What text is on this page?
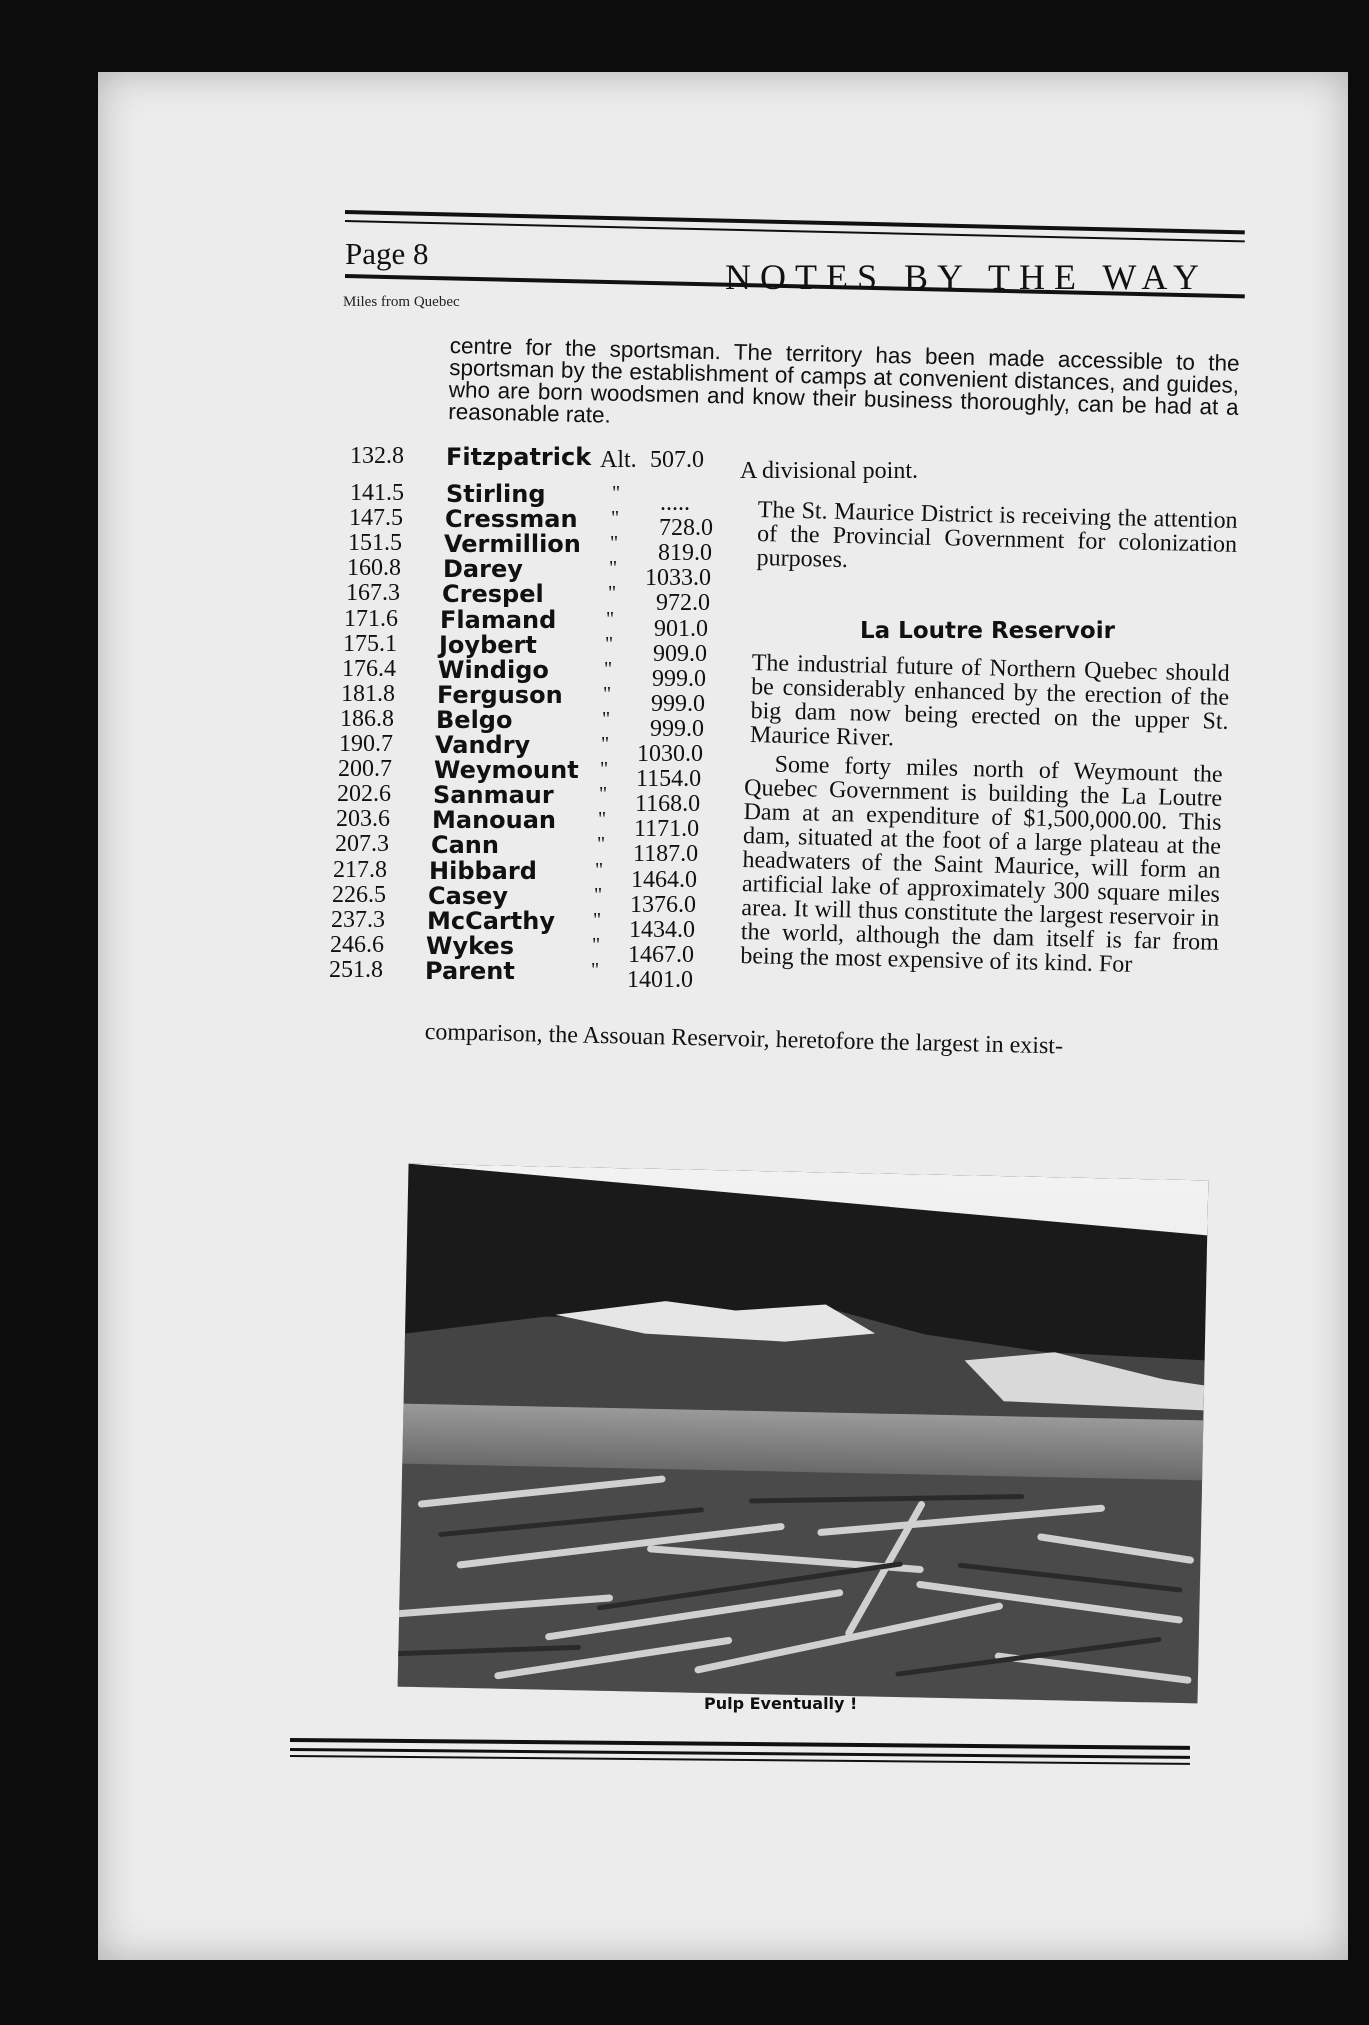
Page 8
NOTES BY THE WAY
Miles from Quebec
centre for the sportsman. The territory has been made accessible to the sportsman by the establishment of camps at convenient distances, and guides, who are born woodsmen and know their business thoroughly, can be had at a reasonable rate.
132.8 Fitzpatrick Alt. 507.0 A divisional point.
141.5 Stirling	" .....
147.5 Cressman " 728.0
151.5 Vermillion " 819.0
160.8 Darey	" 1033.0
167.3 Crespel	" 972.0
171.6 Flamand " 901.0
175.1 Joybert	" 909.0
176.4 Windigo	" 999.0
181.8 Ferguson " 999.0
186.8 Belgo	" 999.0
190.7 Vandry	" 1030.0
200.7 Weymount " 1154.0
202.6 Sanmaur " 1168.0
203.6 Manouan " 1171.0
207.3 Cann	" 1187.0
217.8 Hibbard	" 1464.0
226.5 Casey	" 1376.0
237.3 McCarthy " 1434.0
246.6 Wykes	" 1467.0
251.8 Parent	" 1401.0
The St. Maurice District is receiving the attention of the Provincial Government for colonization purposes.
La Loutre Reservoir
The industrial future of Northern Quebec should be considerably enhanced by the erection of the big dam now being erected on the upper St. Maurice River.
Some forty miles north of Weymount the Quebec Government is building the La Loutre Dam at an expenditure of $1,500,000.00. This dam, situated at the foot of a large plateau at the headwaters of the Saint Maurice, will form an artificial lake of approximately 300 square miles area. It will thus constitute the largest reservoir in the world, although the dam itself is far from being the most expensive of its kind. For
comparison, the Assouan Reservoir, heretofore the largest in exist-
Pulp Eventually !
